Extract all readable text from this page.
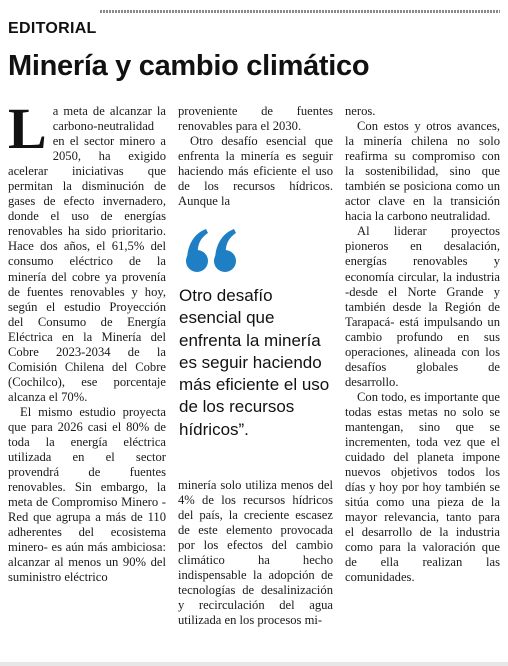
EDITORIAL
Minería y cambio climático

La meta de alcanzar la carbono-neutralidad en el sector minero a 2050, ha exigido acelerar iniciativas que permitan la disminución de gases de efecto invernadero, donde el uso de energías renovables ha sido prioritario. Hace dos años, el 61,5% del consumo eléctrico de la minería del cobre ya provenía de fuentes renovables y hoy, según el estudio Proyección del Consumo de Energía Eléctrica en la Minería del Cobre 2023-2034 de la Comisión Chilena del Cobre (Cochilco), ese porcentaje alcanza el 70%.

El mismo estudio proyecta que para 2026 casi el 80% de toda la energía eléctrica utilizada en el sector provendrá de fuentes renovables. Sin embargo, la meta de Compromiso Minero -Red que agrupa a más de 110 adherentes del ecosistema minero- es aún más ambiciosa: alcanzar al menos un 90% del suministro eléctrico

proveniente de fuentes renovables para el 2030.

Otro desafío esencial que enfrenta la minería es seguir haciendo más eficiente el uso de los recursos hídricos. Aunque la

Otro desafío esencial que enfrenta la minería es seguir haciendo más eficiente el uso de los recursos hídricos”.

minería solo utiliza menos del 4% de los recursos hídricos del país, la creciente escasez de este elemento provocada por los efectos del cambio climático ha hecho indispensable la adopción de tecnologías de desalinización y recirculación del agua utilizada en los procesos mi-

neros.

Con estos y otros avances, la minería chilena no solo reafirma su compromiso con la sostenibilidad, sino que también se posiciona como un actor clave en la transición hacia la carbono neutralidad.

Al liderar proyectos pioneros en desalación, energías renovables y economía circular, la industria -desde el Norte Grande y también desde la Región de Tarapacá- está impulsando un cambio profundo en sus operaciones, alineada con los desafíos globales de desarrollo.

Con todo, es importante que todas estas metas no solo se mantengan, sino que se incrementen, toda vez que el cuidado del planeta impone nuevos objetivos todos los días y hoy por hoy también se sitúa como una pieza de la mayor relevancia, tanto para el desarrollo de la industria como para la valoración que de ella realizan las comunidades.
